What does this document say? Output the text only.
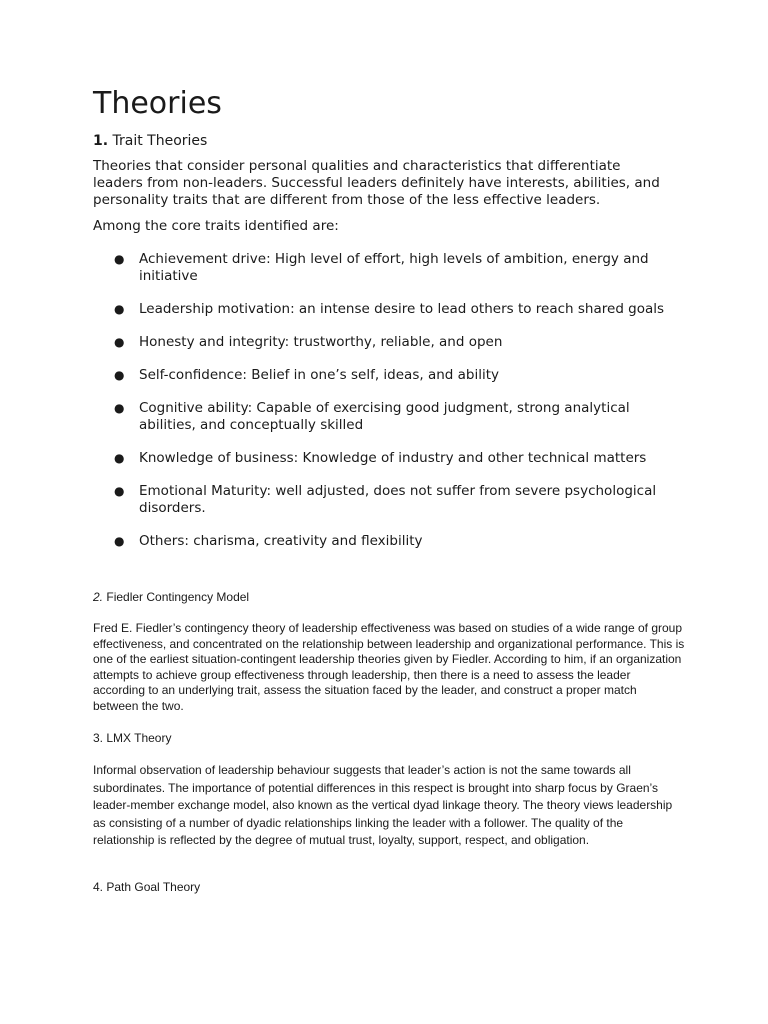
Theories

1. Trait Theories

Theories that consider personal qualities and characteristics that differentiate leaders from non-leaders. Successful leaders definitely have interests, abilities, and personality traits that are different from those of the less effective leaders.

Among the core traits identified are:

● Achievement drive: High level of effort, high levels of ambition, energy and initiative
● Leadership motivation: an intense desire to lead others to reach shared goals
● Honesty and integrity: trustworthy, reliable, and open
● Self-confidence: Belief in one’s self, ideas, and ability
● Cognitive ability: Capable of exercising good judgment, strong analytical abilities, and conceptually skilled
● Knowledge of business: Knowledge of industry and other technical matters
● Emotional Maturity: well adjusted, does not suffer from severe psychological disorders.
● Others: charisma, creativity and flexibility

2. Fiedler Contingency Model

Fred E. Fiedler’s contingency theory of leadership effectiveness was based on studies of a wide range of group effectiveness, and concentrated on the relationship between leadership and organizational performance. This is one of the earliest situation-contingent leadership theories given by Fiedler. According to him, if an organization attempts to achieve group effectiveness through leadership, then there is a need to assess the leader according to an underlying trait, assess the situation faced by the leader, and construct a proper match between the two.

3. LMX Theory

Informal observation of leadership behaviour suggests that leader’s action is not the same towards all subordinates. The importance of potential differences in this respect is brought into sharp focus by Graen’s leader-member exchange model, also known as the vertical dyad linkage theory. The theory views leadership as consisting of a number of dyadic relationships linking the leader with a follower. The quality of the relationship is reflected by the degree of mutual trust, loyalty, support, respect, and obligation.

4. Path Goal Theory
